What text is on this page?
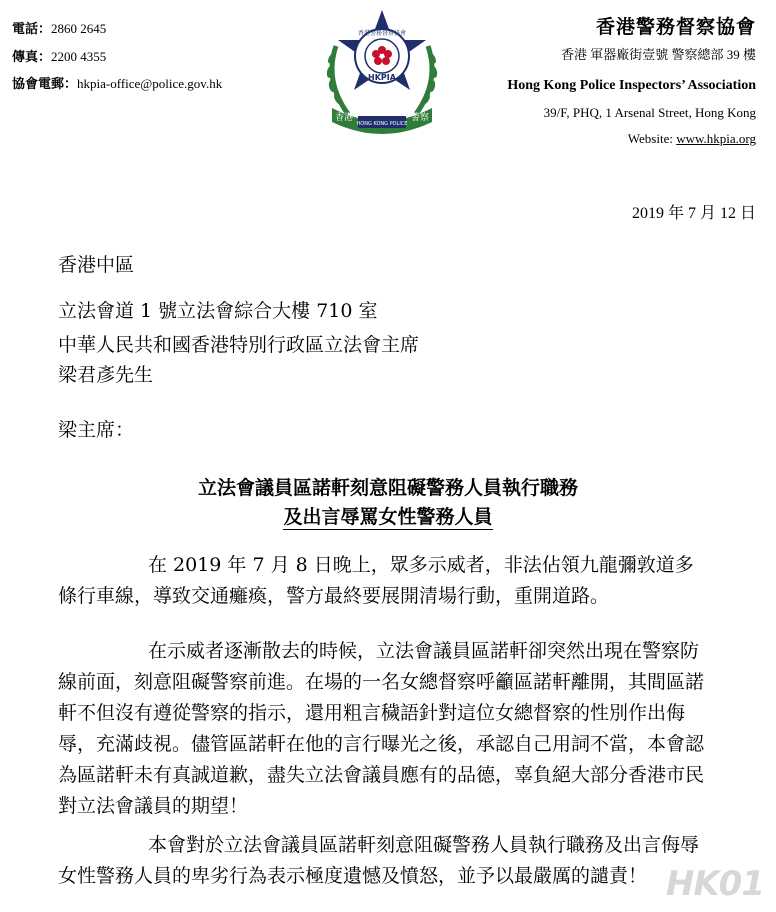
電話：2860 2645
傳真：2200 4355
協會電郵：hkpia-office@police.gov.hk
香港警務督察協會
HKPIA
香港
HONG KONG POLICE
警察
香港警務督察協會
香港 軍器廠街壹號 警察總部 39 樓
Hong Kong Police Inspectors’ Association
39/F, PHQ, 1 Arsenal Street, Hong Kong
Website: www.hkpia.org
2019 年 7 月 12 日
香港中區
立法會道 1 號立法會綜合大樓 710 室
中華人民共和國香港特別行政區立法會主席
梁君彥先生
梁主席：
立法會議員區諾軒刻意阻礙警務人員執行職務
及出言辱罵女性警務人員
在 2019 年 7 月 8 日晚上，眾多示威者，非法佔領九龍彌敦道多條行車線，導致交通癱瘓，警方最終要展開清場行動，重開道路。
在示威者逐漸散去的時候，立法會議員區諾軒卻突然出現在警察防線前面，刻意阻礙警察前進。在場的一名女總督察呼籲區諾軒離開，其間區諾軒不但沒有遵從警察的指示，還用粗言穢語針對這位女總督察的性別作出侮辱，充滿歧視。儘管區諾軒在他的言行曝光之後，承認自己用詞不當，本會認為區諾軒未有真誠道歉，盡失立法會議員應有的品德，辜負絕大部分香港市民對立法會議員的期望！
本會對於立法會議員區諾軒刻意阻礙警務人員執行職務及出言侮辱女性警務人員的卑劣行為表示極度遺憾及憤怒，並予以最嚴厲的譴責！ HK01
